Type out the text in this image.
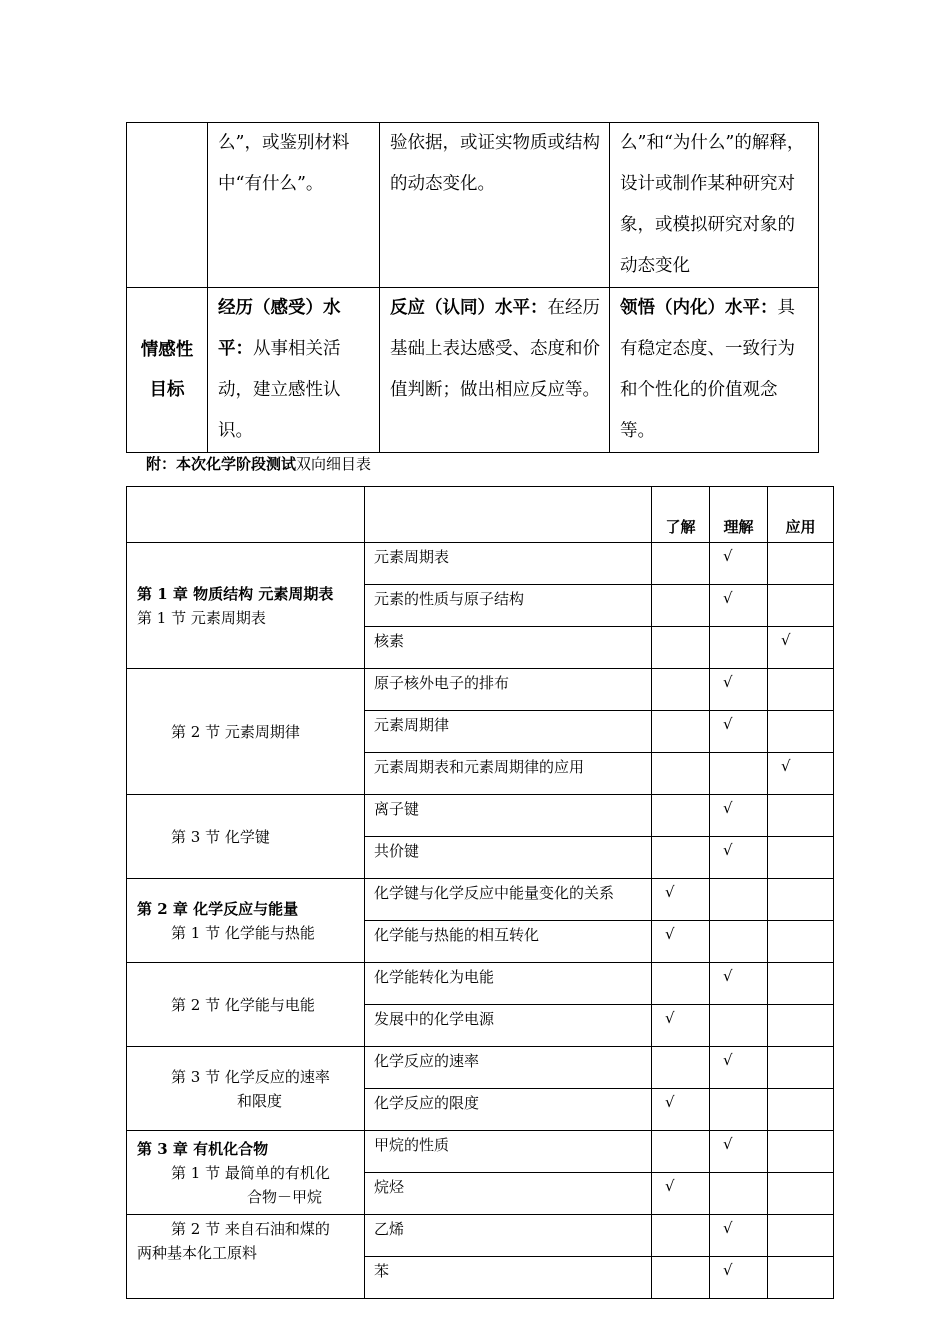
	么”，或鉴别材料中“有什么”。	验依据，或证实物质或结构的动态变化。	么”和“为什么”的解释，设计或制作某种研究对象，或模拟研究对象的动态变化
情感性
目标	经历（感受）水平：从事相关活动，建立感性认识。	反应（认同）水平：在经历基础上表达感受、态度和价值判断；做出相应反应等。	领悟（内化）水平：具有稳定态度、一致行为和个性化的价值观念等。
附：本次化学阶段测试双向细目表
		了解	理解	应用

第 1 章 物质结构 元素周期表
第 1 节 元素周期表	元素周期表		√	
	元素的性质与原子结构		√	
	核素			√

第 2 节 元素周期律	原子核外电子的排布		√	
	元素周期律		√	
	元素周期表和元素周期律的应用			√

第 3 节 化学键	离子键		√	
	共价键		√	

第 2 章 化学反应与能量
第 1 节 化学能与热能	化学键与化学反应中能量变化的关系	√		
	化学能与热能的相互转化	√		

第 2 节 化学能与电能	化学能转化为电能		√	
	发展中的化学电源	√		

第 3 节 化学反应的速率
和限度	化学反应的速率		√	
	化学反应的限度	√		

第 3 章 有机化合物
第 1 节 最简单的有机化
合物－甲烷	甲烷的性质		√	
	烷烃	√		

第 2 节 来自石油和煤的
两种基本化工原料	乙烯		√	
	苯		√	
